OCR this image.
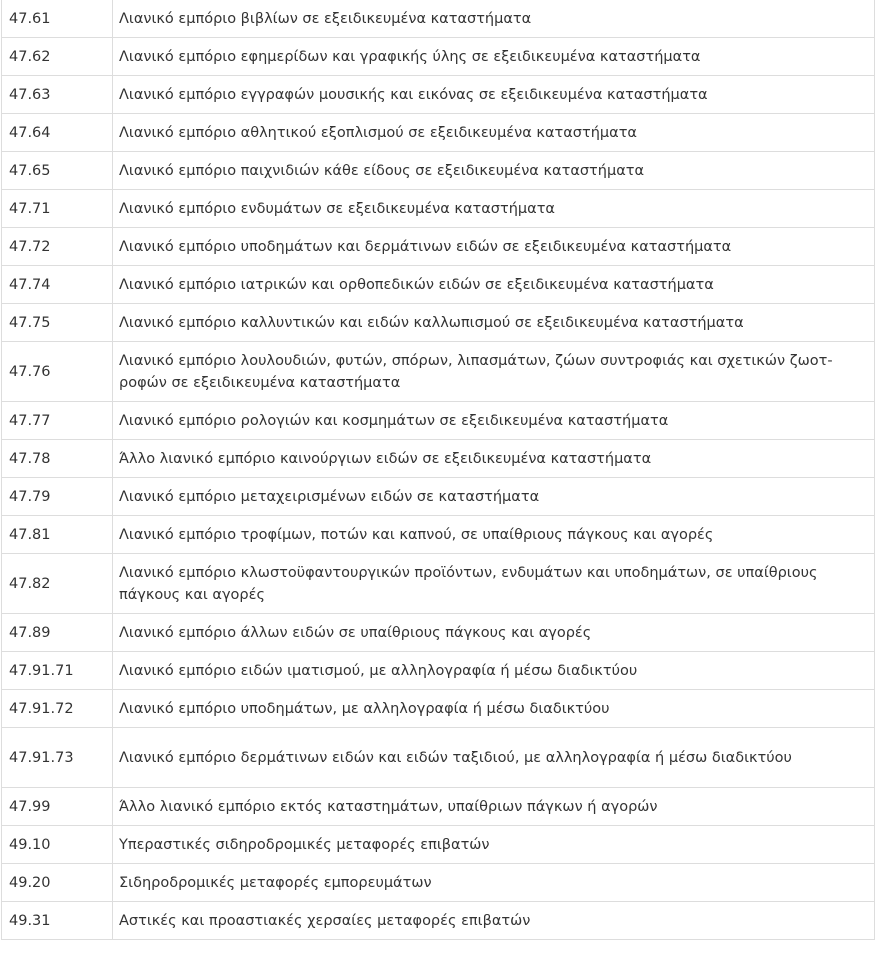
47.61	Λιανικό εμπόριο βιβλίων σε εξειδικευμένα καταστήματα
47.62	Λιανικό εμπόριο εφημερίδων και γραφικής ύλης σε εξειδικευμένα καταστήματα
47.63	Λιανικό εμπόριο εγγραφών μουσικής και εικόνας σε εξειδικευμένα καταστήματα
47.64	Λιανικό εμπόριο αθλητικού εξοπλισμού σε εξειδικευμένα καταστήματα
47.65	Λιανικό εμπόριο παιχνιδιών κάθε είδους σε εξειδικευμένα καταστήματα
47.71	Λιανικό εμπόριο ενδυμάτων σε εξειδικευμένα καταστήματα
47.72	Λιανικό εμπόριο υποδημάτων και δερμάτινων ειδών σε εξειδικευμένα καταστήματα
47.74	Λιανικό εμπόριο ιατρικών και ορθοπεδικών ειδών σε εξειδικευμένα καταστήματα
47.75	Λιανικό εμπόριο καλλυντικών και ειδών καλλωπισμού σε εξειδικευμένα καταστήματα
47.76	Λιανικό εμπόριο λουλουδιών, φυτών, σπόρων, λιπασμάτων, ζώων συντροφιάς και σχετικών ζωοτ-ροφών σε εξειδικευμένα καταστήματα
47.77	Λιανικό εμπόριο ρολογιών και κοσμημάτων σε εξειδικευμένα καταστήματα
47.78	Άλλο λιανικό εμπόριο καινούργιων ειδών σε εξειδικευμένα καταστήματα
47.79	Λιανικό εμπόριο μεταχειρισμένων ειδών σε καταστήματα
47.81	Λιανικό εμπόριο τροφίμων, ποτών και καπνού, σε υπαίθριους πάγκους και αγορές
47.82	Λιανικό εμπόριο κλωστοϋφαντουργικών προϊόντων, ενδυμάτων και υποδημάτων, σε υπαίθριους πάγκους και αγορές
47.89	Λιανικό εμπόριο άλλων ειδών σε υπαίθριους πάγκους και αγορές
47.91.71	Λιανικό εμπόριο ειδών ιματισμού, με αλληλογραφία ή μέσω διαδικτύου
47.91.72	Λιανικό εμπόριο υποδημάτων, με αλληλογραφία ή μέσω διαδικτύου
47.91.73	Λιανικό εμπόριο δερμάτινων ειδών και ειδών ταξιδιού, με αλληλογραφία ή μέσω διαδικτύου
47.99	Άλλο λιανικό εμπόριο εκτός καταστημάτων, υπαίθριων πάγκων ή αγορών
49.10	Υπεραστικές σιδηροδρομικές μεταφορές επιβατών
49.20	Σιδηροδρομικές μεταφορές εμπορευμάτων
49.31	Αστικές και προαστιακές χερσαίες μεταφορές επιβατών
